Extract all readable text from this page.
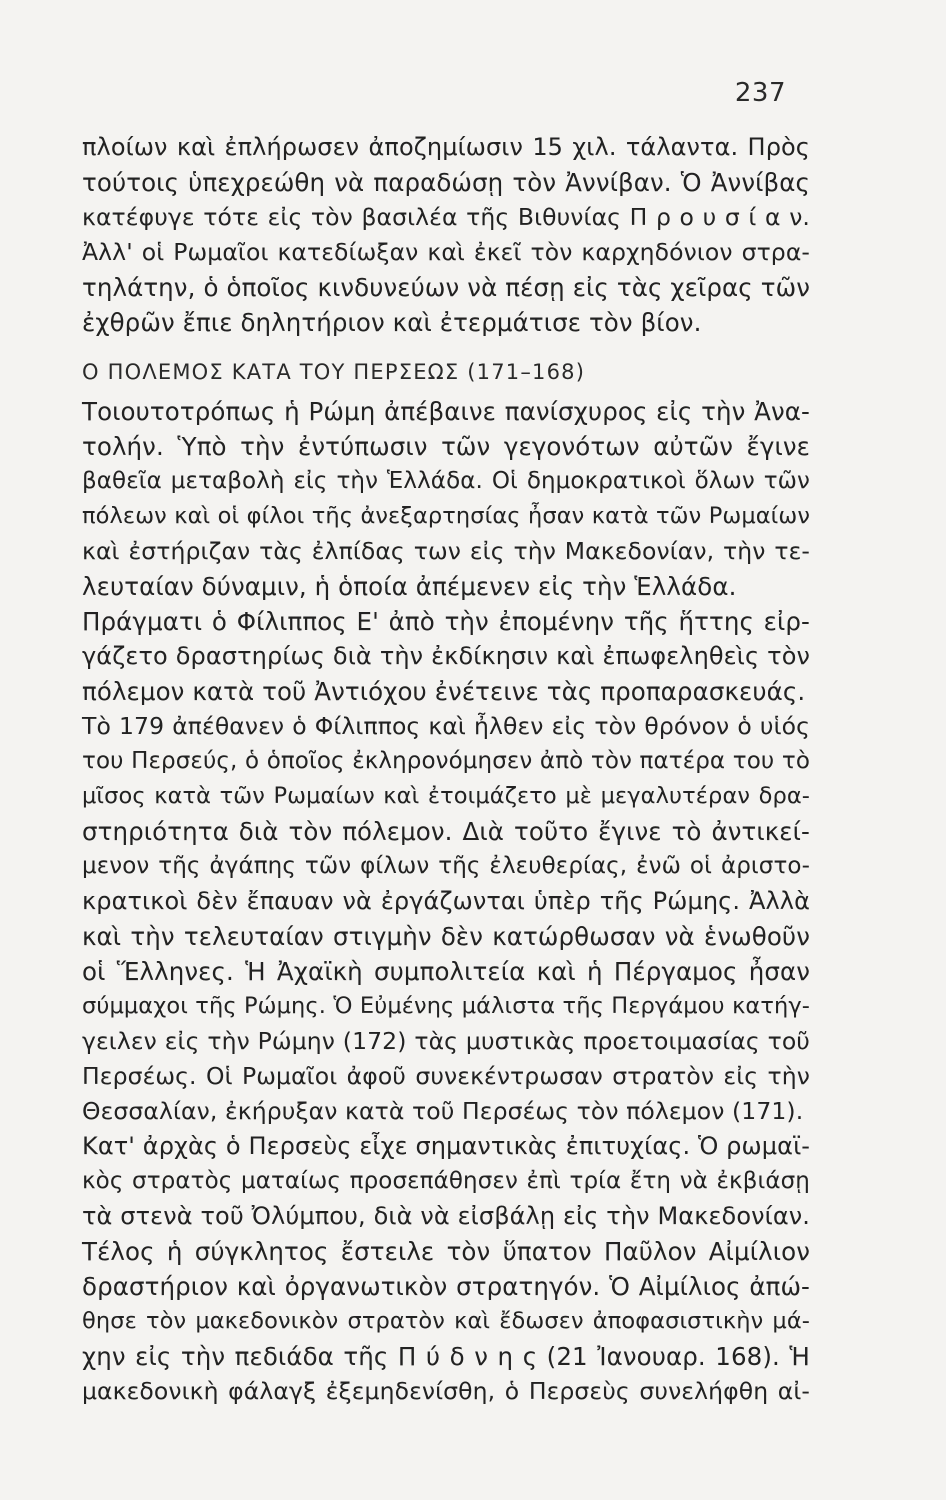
237
πλοίων καὶ ἐπλήρωσεν ἀποζημίωσιν 15 χιλ. τάλαντα. Πρὸς
τούτοις ὑπεχρεώθη νὰ παραδώσῃ τὸν Ἀννίβαν. Ὁ Ἀννίβας
κατέφυγε τότε εἰς τὸν βασιλέα τῆς Βιθυνίας Π ρ ο υ σ ί α ν.
Ἀλλ' οἱ Ρωμαῖοι κατεδίωξαν καὶ ἐκεῖ τὸν καρχηδόνιον στρα-
τηλάτην, ὁ ὁποῖος κινδυνεύων νὰ πέσῃ εἰς τὰς χεῖρας τῶν
ἐχθρῶν ἔπιε δηλητήριον καὶ ἐτερμάτισε τὸν βίον.
Ο ΠΟΛΕΜΟΣ ΚΑΤΑ ΤΟΥ ΠΕΡΣΕΩΣ (171–168)
Τοιουτοτρόπως ἡ Ρώμη ἀπέβαινε πανίσχυρος εἰς τὴν Ἀνα-
τολήν. Ὑπὸ τὴν ἐντύπωσιν τῶν γεγονότων αὐτῶν ἔγινε
βαθεῖα μεταβολὴ εἰς τὴν Ἑλλάδα. Οἱ δημοκρατικοὶ ὅλων τῶν
πόλεων καὶ οἱ φίλοι τῆς ἀνεξαρτησίας ἦσαν κατὰ τῶν Ρωμαίων
καὶ ἐστήριζαν τὰς ἐλπίδας των εἰς τὴν Μακεδονίαν, τὴν τε-
λευταίαν δύναμιν, ἡ ὁποία ἀπέμενεν εἰς τὴν Ἑλλάδα.
Πράγματι ὁ Φίλιππος Ε' ἀπὸ τὴν ἐπομένην τῆς ἥττης εἰρ-
γάζετο δραστηρίως διὰ τὴν ἐκδίκησιν καὶ ἐπωφεληθεὶς τὸν
πόλεμον κατὰ τοῦ Ἀντιόχου ἐνέτεινε τὰς προπαρασκευάς.
Τὸ 179 ἀπέθανεν ὁ Φίλιππος καὶ ἦλθεν εἰς τὸν θρόνον ὁ υἱός
του Περσεύς, ὁ ὁποῖος ἐκληρονόμησεν ἀπὸ τὸν πατέρα του τὸ
μῖσος κατὰ τῶν Ρωμαίων καὶ ἐτοιμάζετο μὲ μεγαλυτέραν δρα-
στηριότητα διὰ τὸν πόλεμον. Διὰ τοῦτο ἔγινε τὸ ἀντικεί-
μενον τῆς ἀγάπης τῶν φίλων τῆς ἐλευθερίας, ἐνῶ οἱ ἀριστο-
κρατικοὶ δὲν ἔπαυαν νὰ ἐργάζωνται ὑπὲρ τῆς Ρώμης. Ἀλλὰ
καὶ τὴν τελευταίαν στιγμὴν δὲν κατώρθωσαν νὰ ἑνωθοῦν
οἱ Ἕλληνες. Ἡ Ἀχαϊκὴ συμπολιτεία καὶ ἡ Πέργαμος ἦσαν
σύμμαχοι τῆς Ρώμης. Ὁ Εὐμένης μάλιστα τῆς Περγάμου κατήγ-
γειλεν εἰς τὴν Ρώμην (172) τὰς μυστικὰς προετοιμασίας τοῦ
Περσέως. Οἱ Ρωμαῖοι ἀφοῦ συνεκέντρωσαν στρατὸν εἰς τὴν
Θεσσαλίαν, ἐκήρυξαν κατὰ τοῦ Περσέως τὸν πόλεμον (171).
Κατ' ἀρχὰς ὁ Περσεὺς εἶχε σημαντικὰς ἐπιτυχίας. Ὁ ρωμαϊ-
κὸς στρατὸς ματαίως προσεπάθησεν ἐπὶ τρία ἔτη νὰ ἐκβιάσῃ
τὰ στενὰ τοῦ Ὀλύμπου, διὰ νὰ εἰσβάλῃ εἰς τὴν Μακεδονίαν.
Τέλος ἡ σύγκλητος ἔστειλε τὸν ὕπατον Παῦλον Αἰμίλιον
δραστήριον καὶ ὀργανωτικὸν στρατηγόν. Ὁ Αἰμίλιος ἀπώ-
θησε τὸν μακεδονικὸν στρατὸν καὶ ἔδωσεν ἀποφασιστικὴν μά-
χην εἰς τὴν πεδιάδα τῆς Π ύ δ ν η ς (21 Ἰανουαρ. 168). Ἡ
μακεδονικὴ φάλαγξ ἐξεμηδενίσθη, ὁ Περσεὺς συνελήφθη αἰ-
